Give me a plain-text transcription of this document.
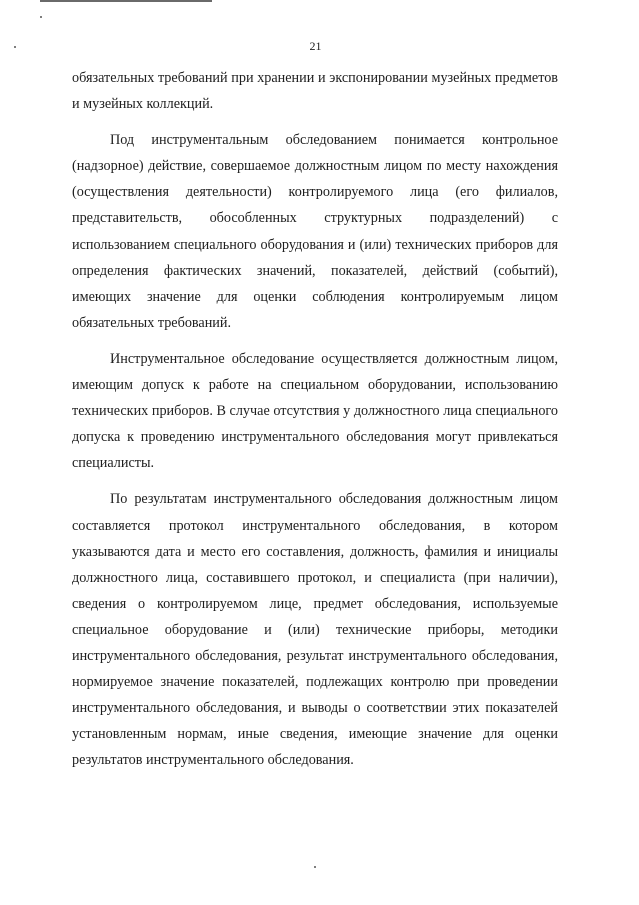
21

обязательных требований при хранении и экспонировании музейных предметов и музейных коллекций.

Под инструментальным обследованием понимается контрольное (надзорное) действие, совершаемое должностным лицом по месту нахождения (осуществления деятельности) контролируемого лица (его филиалов, представительств, обособленных структурных подразделений) с использованием специального оборудования и (или) технических приборов для определения фактических значений, показателей, действий (событий), имеющих значение для оценки соблюдения контролируемым лицом обязательных требований.

Инструментальное обследование осуществляется должностным лицом, имеющим допуск к работе на специальном оборудовании, использованию технических приборов. В случае отсутствия у должностного лица специального допуска к проведению инструментального обследования могут привлекаться специалисты.

По результатам инструментального обследования должностным лицом составляется протокол инструментального обследования, в котором указываются дата и место его составления, должность, фамилия и инициалы должностного лица, составившего протокол, и специалиста (при наличии), сведения о контролируемом лице, предмет обследования, используемые специальное оборудование и (или) технические приборы, методики инструментального обследования, результат инструментального обследования, нормируемое значение показателей, подлежащих контролю при проведении инструментального обследования, и выводы о соответствии этих показателей установленным нормам, иные сведения, имеющие значение для оценки результатов инструментального обследования.
